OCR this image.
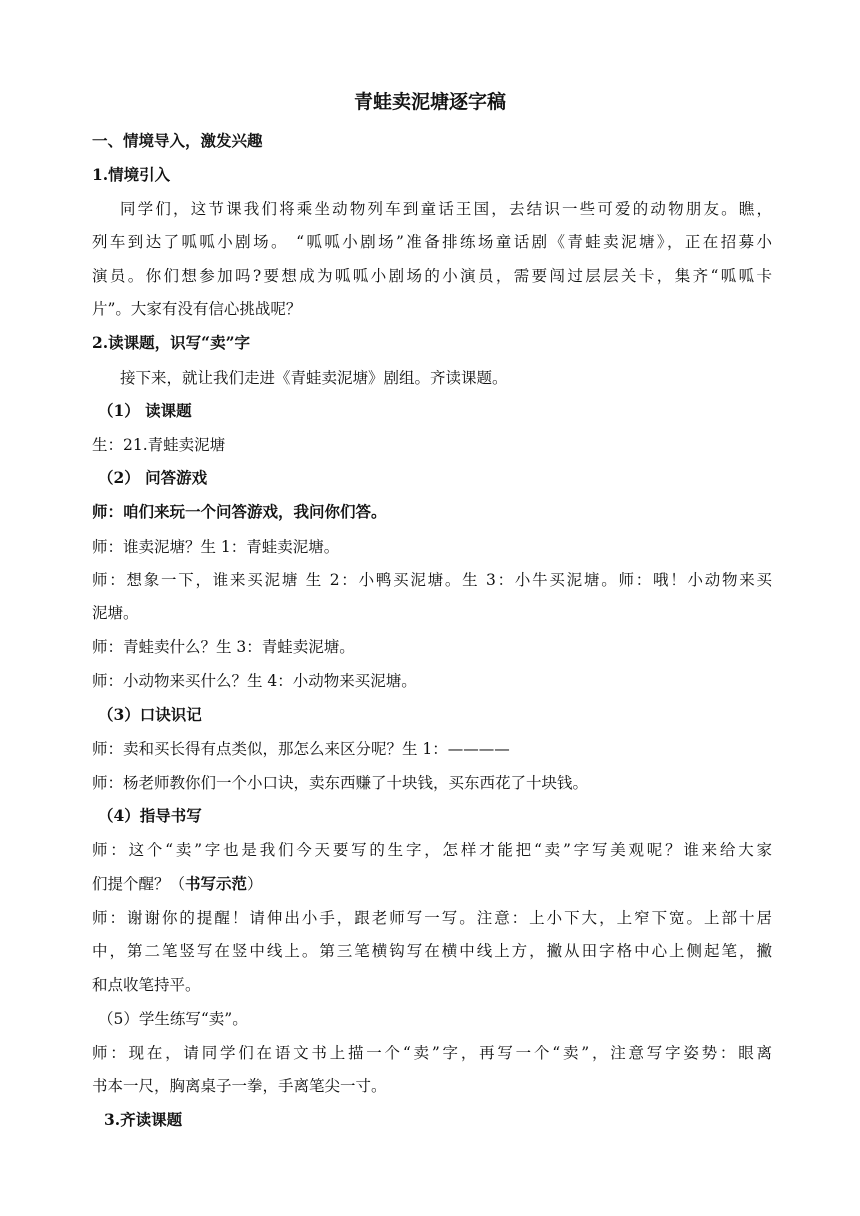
青蛙卖泥塘逐字稿
一、情境导入，激发兴趣
1.情境引入
同学们，这节课我们将乘坐动物列车到童话王国，去结识一些可爱的动物朋友。瞧，
列车到达了呱呱小剧场。 “呱呱小剧场”准备排练场童话剧《青蛙卖泥塘》，正在招募小
演员。你们想参加吗?要想成为呱呱小剧场的小演员，需要闯过层层关卡，集齐“呱呱卡
片”。大家有没有信心挑战呢？
2.读课题，识写“卖”字
接下来，就让我们走进《青蛙卖泥塘》剧组。齐读课题。
（1） 读课题
生：21.青蛙卖泥塘
（2） 问答游戏
师：咱们来玩一个问答游戏，我问你们答。
师：谁卖泥塘？生 1：青蛙卖泥塘。
师：想象一下，谁来买泥塘 生 2：小鸭买泥塘。生 3：小牛买泥塘。师：哦！小动物来买
泥塘。
师：青蛙卖什么？生 3：青蛙卖泥塘。
师：小动物来买什么？生 4：小动物来买泥塘。
（3）口诀识记
师：卖和买长得有点类似，那怎么来区分呢？生 1：————
师：杨老师教你们一个小口诀，卖东西赚了十块钱，买东西花了十块钱。
（4）指导书写
师：这个“卖”字也是我们今天要写的生字，怎样才能把“卖”字写美观呢？谁来给大家
们提个醒？（书写示范）
师：谢谢你的提醒！请伸出小手，跟老师写一写。注意：上小下大，上窄下宽。上部十居
中，第二笔竖写在竖中线上。第三笔横钩写在横中线上方，撇从田字格中心上侧起笔，撇
和点收笔持平。
（5）学生练写“卖”。
师：现在，请同学们在语文书上描一个“卖”字，再写一个“卖”，注意写字姿势：眼离
书本一尺，胸离桌子一拳，手离笔尖一寸。
3.齐读课题
